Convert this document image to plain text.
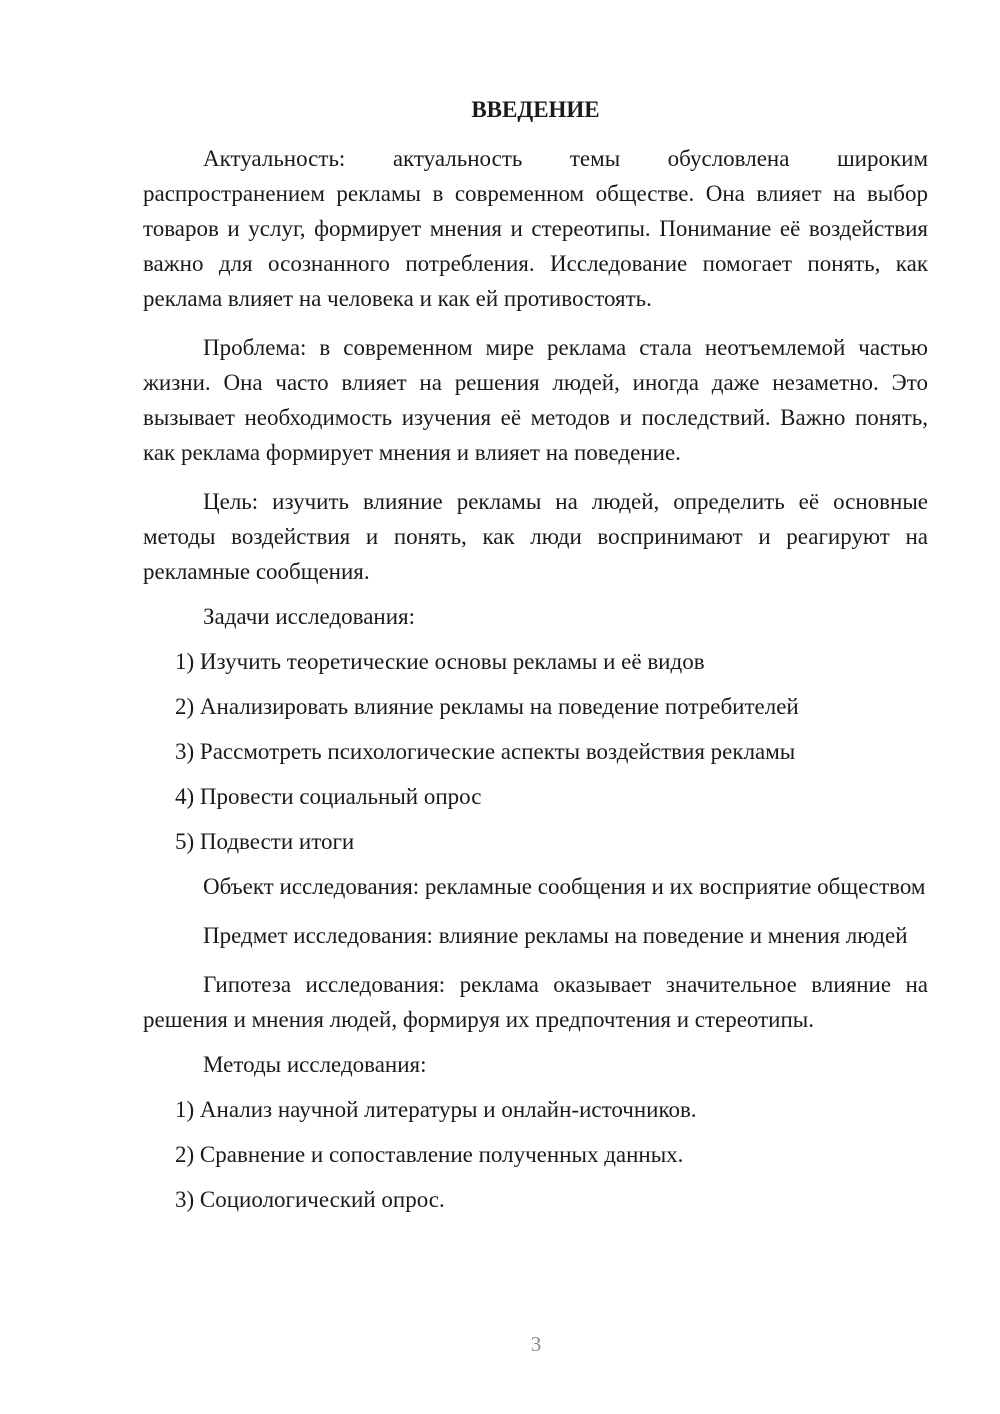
ВВЕДЕНИЕ

Актуальность: актуальность темы обусловлена широким распространением рекламы в современном обществе. Она влияет на выбор товаров и услуг, формирует мнения и стереотипы. Понимание её воздействия важно для осознанного потребления. Исследование помогает понять, как реклама влияет на человека и как ей противостоять.

Проблема: в современном мире реклама стала неотъемлемой частью жизни. Она часто влияет на решения людей, иногда даже незаметно. Это вызывает необходимость изучения её методов и последствий. Важно понять, как реклама формирует мнения и влияет на поведение.

Цель: изучить влияние рекламы на людей, определить её основные методы воздействия и понять, как люди воспринимают и реагируют на рекламные сообщения.

Задачи исследования:

1) Изучить теоретические основы рекламы и её видов
2) Анализировать влияние рекламы на поведение потребителей
3) Рассмотреть психологические аспекты воздействия рекламы
4) Провести социальный опрос
5) Подвести итоги

Объект исследования: рекламные сообщения и их восприятие обществом

Предмет исследования: влияние рекламы на поведение и мнения людей

Гипотеза исследования: реклама оказывает значительное влияние на решения и мнения людей, формируя их предпочтения и стереотипы.

Методы исследования:

1) Анализ научной литературы и онлайн-источников.
2) Сравнение и сопоставление полученных данных.
3) Социологический опрос.
3
